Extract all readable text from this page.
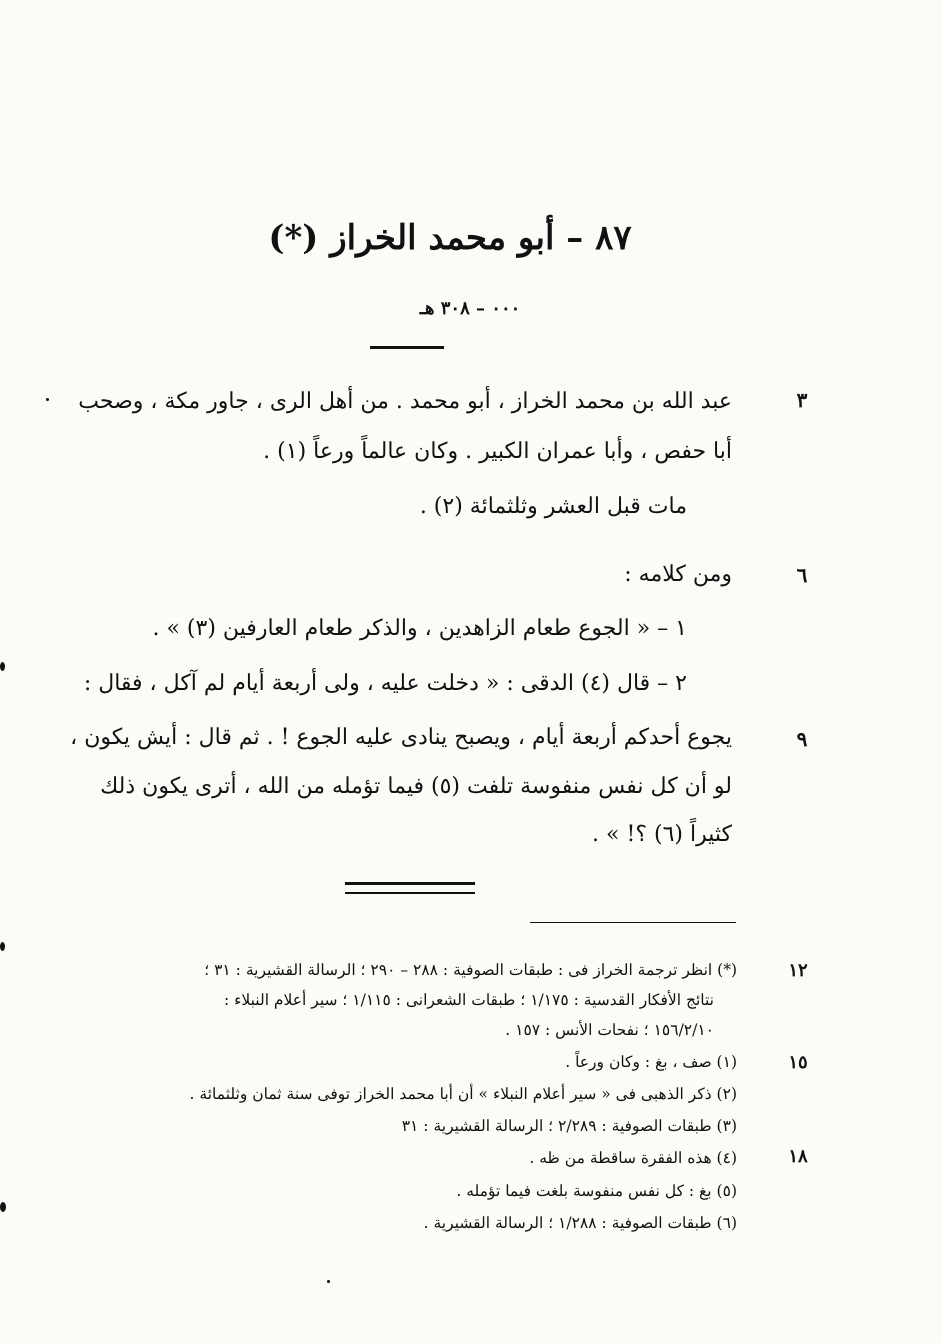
٨٧ – أبو محمد الخراز (*)
٠٠٠ – ٣٠٨ هـ
عبد الله بن محمد الخراز ، أبو محمد . من أهل الرى ، جاور مكة ، وصحب
أبا حفص ، وأبا عمران الكبير . وكان عالماً ورعاً (١) .
مات قبل العشر وثلثمائة (٢) .
ومن كلامه :
١ – « الجوع طعام الزاهدين ، والذكر طعام العارفين (٣) » .
٢ – قال (٤) الدقى : « دخلت عليه ، ولى أربعة أيام لم آكل ، فقال :
يجوع أحدكم أربعة أيام ، ويصبح ينادى عليه الجوع ! . ثم قال : أيش يكون ،
لو أن كل نفس منفوسة تلفت (٥) فيما تؤمله من الله ، أترى يكون ذلك
كثيراً (٦) ؟! » .
٣
٦
٩
(*) انظر ترجمة الخراز فى : طبقات الصوفية : ٢٨٨ – ٢٩٠ ؛ الرسالة القشيرية : ٣١ ؛
نتائج الأفكار القدسية : ١/١٧٥ ؛ طبقات الشعرانى : ١/١١٥ ؛ سير أعلام النبلاء :
١٥٦/٢/١٠ ؛ نفحات الأنس : ١٥٧ .
(١) صف ، بغ : وكان ورعاً .
(٢) ذكر الذهبى فى « سير أعلام النبلاء » أن أبا محمد الخراز توفى سنة ثمان وثلثمائة .
(٣) طبقات الصوفية : ٢/٢٨٩ ؛ الرسالة القشيرية : ٣١
(٤) هذه الفقرة ساقطة من ظه .
(٥) بغ : كل نفس منفوسة بلغت فيما تؤمله .
(٦) طبقات الصوفية : ١/٢٨٨ ؛ الرسالة القشيرية .
١٢
١٥
١٨
